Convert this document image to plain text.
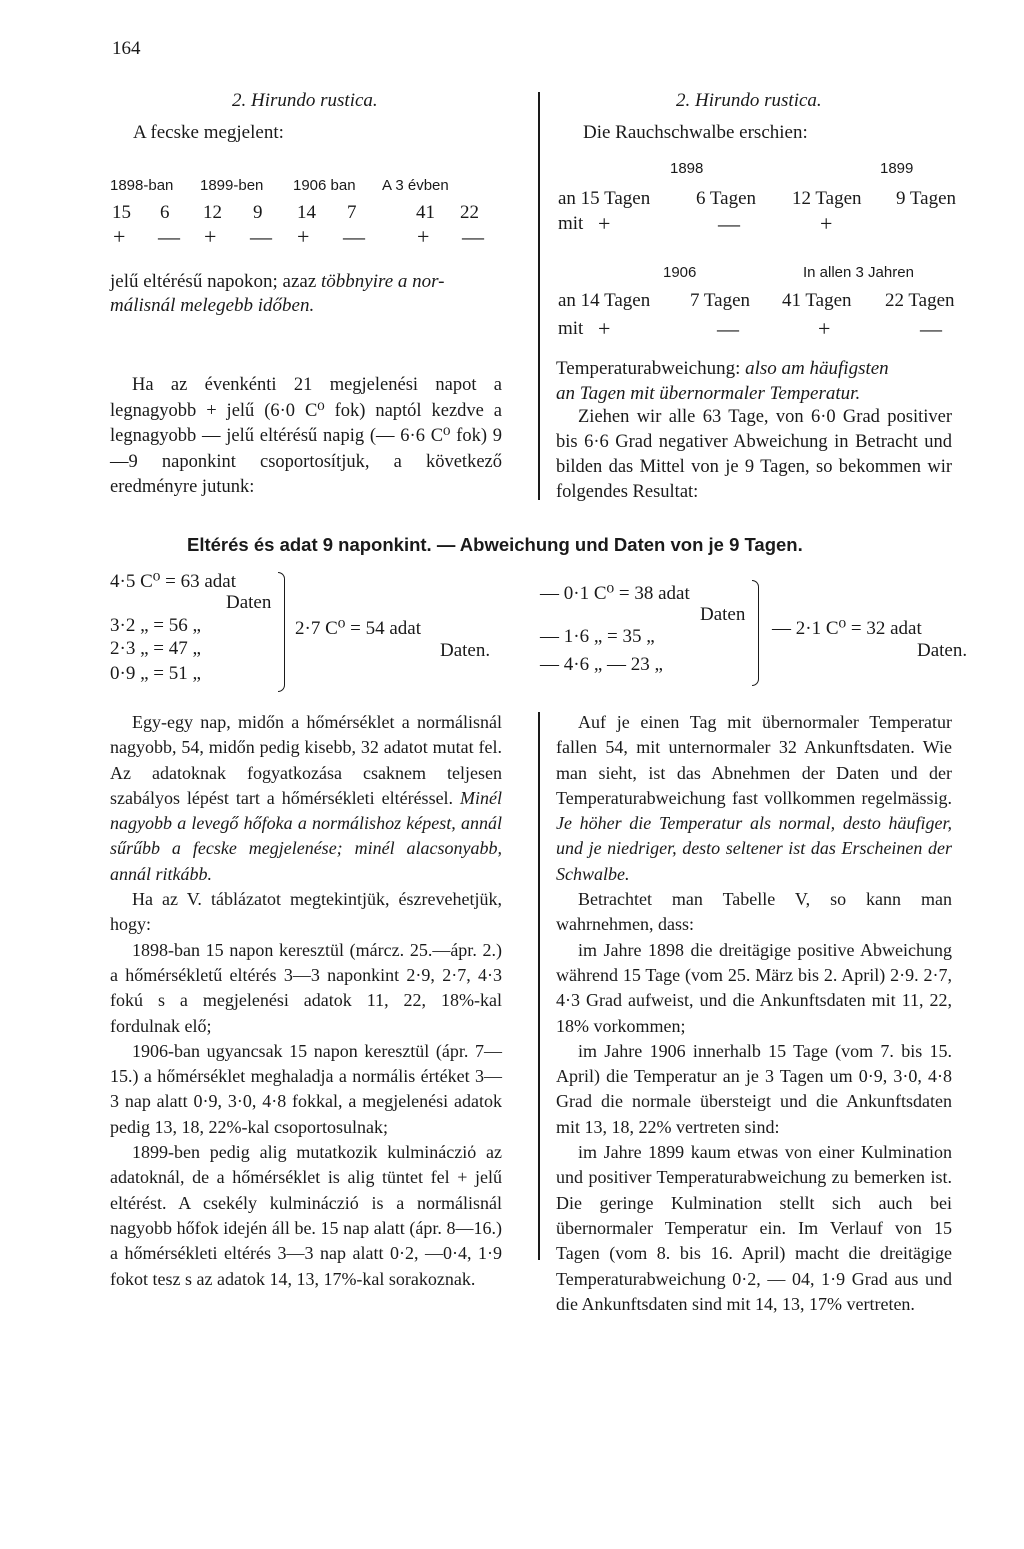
164
2. Hirundo rustica.
A fecske megjelent:
1898-ban 1899-ben 1906 ban A 3 évben
15 6 12 9 14 7	41 22
+ — + — + — + —
jelű eltérésű napokon; azaz többnyire a nor-
málisnál melegebb időben.

Ha az évenkénti 21 megjelenési napot a legnagyobb + jelű (6·0 C⁰ fok) naptól kezdve a legnagyobb — jelű eltérésű napig (— 6·6 C⁰ fok) 9—9 naponkint csoportosítjuk, a következő eredményre jutunk:

2. Hirundo rustica.
Die Rauchschwalbe erschien:
1898	1899
an 15 Tagen 6 Tagen 12 Tagen 9 Tagen
mit +	—	+
1906	In allen 3 Jahren
an 14 Tagen 7 Tagen 41 Tagen 22 Tagen
mit +	—	+	—
Temperaturabweichung: also am häufigsten
an Tagen mit übernormaler Temperatur.

Ziehen wir alle 63 Tage, von 6·0 Grad positiver bis 6·6 Grad negativer Abweichung in Betracht und bilden das Mittel von je 9 Tagen, so bekommen wir folgendes Resultat:

Eltérés és adat 9 naponkint. — Abweichung und Daten von je 9 Tagen.
4·5 C⁰ = 63 adat
Daten
3·2 „ = 56 „
2·3 „ = 47 „
0·9 „ = 51 „
2·7 C⁰ = 54 adat
Daten.
— 0·1 C⁰ = 38 adat
Daten
— 1·6 „ = 35 „
— 4·6 „ — 23 „
— 2·1 C⁰ = 32 adat
Daten.

Egy-egy nap, midőn a hőmérséklet a normálisnál nagyobb, 54, midőn pedig kisebb, 32 adatot mutat fel. Az adatoknak fogyatkozása csaknem teljesen szabályos lépést tart a hőmérsékleti eltéréssel. Minél nagyobb a levegő hőfoka a normálishoz képest, annál sűrűbb a fecske megjelenése; minél alacsonyabb, annál ritkább.

Ha az V. táblázatot megtekintjük, észrevehetjük, hogy:

1898-ban 15 napon keresztül (márcz. 25.—ápr. 2.) a hőmérsékletű eltérés 3—3 naponkint 2·9, 2·7, 4·3 fokú s a megjelenési adatok 11, 22, 18%-kal fordulnak elő;

1906-ban ugyancsak 15 napon keresztül (ápr. 7—15.) a hőmérséklet meghaladja a normális értéket 3—3 nap alatt 0·9, 3·0, 4·8 fokkal, a megjelenési adatok pedig 13, 18, 22%-kal csoportosulnak;

1899-ben pedig alig mutatkozik kulminácziό az adatoknál, de a hőmérséklet is alig tüntet fel + jelű eltérést. A csekély kulmináczió is a normálisnál nagyobb hőfok idején áll be. 15 nap alatt (ápr. 8—16.) a hőmérsékleti eltérés 3—3 nap alatt 0·2, —0·4, 1·9 fokot tesz s az adatok 14, 13, 17%-kal sorakoznak.

Auf je einen Tag mit übernormaler Temperatur fallen 54, mit unternormaler 32 Ankunftsdaten. Wie man sieht, ist das Abnehmen der Daten und der Temperaturabweichung fast vollkommen regelmässig. Je höher die Temperatur als normal, desto häufiger, und je niedriger, desto seltener ist das Erscheinen der Schwalbe.

Betrachtet man Tabelle V, so kann man wahrnehmen, dass:

im Jahre 1898 die dreitägige positive Abweichung während 15 Tage (vom 25. März bis 2. April) 2·9. 2·7, 4·3 Grad aufweist, und die Ankunftsdaten mit 11, 22, 18% vorkommen;

im Jahre 1906 innerhalb 15 Tage (vom 7. bis 15. April) die Temperatur an je 3 Tagen um 0·9, 3·0, 4·8 Grad die normale übersteigt und die Ankunftsdaten mit 13, 18, 22% vertreten sind:

im Jahre 1899 kaum etwas von einer Kulmination und positiver Temperaturabweichung zu bemerken ist. Die geringe Kulmination stellt sich auch bei übernormaler Temperatur ein. Im Verlauf von 15 Tagen (vom 8. bis 16. April) macht die dreitägige Temperaturabweichung 0·2, — 04, 1·9 Grad aus und die Ankunftsdaten sind mit 14, 13, 17% vertreten.
